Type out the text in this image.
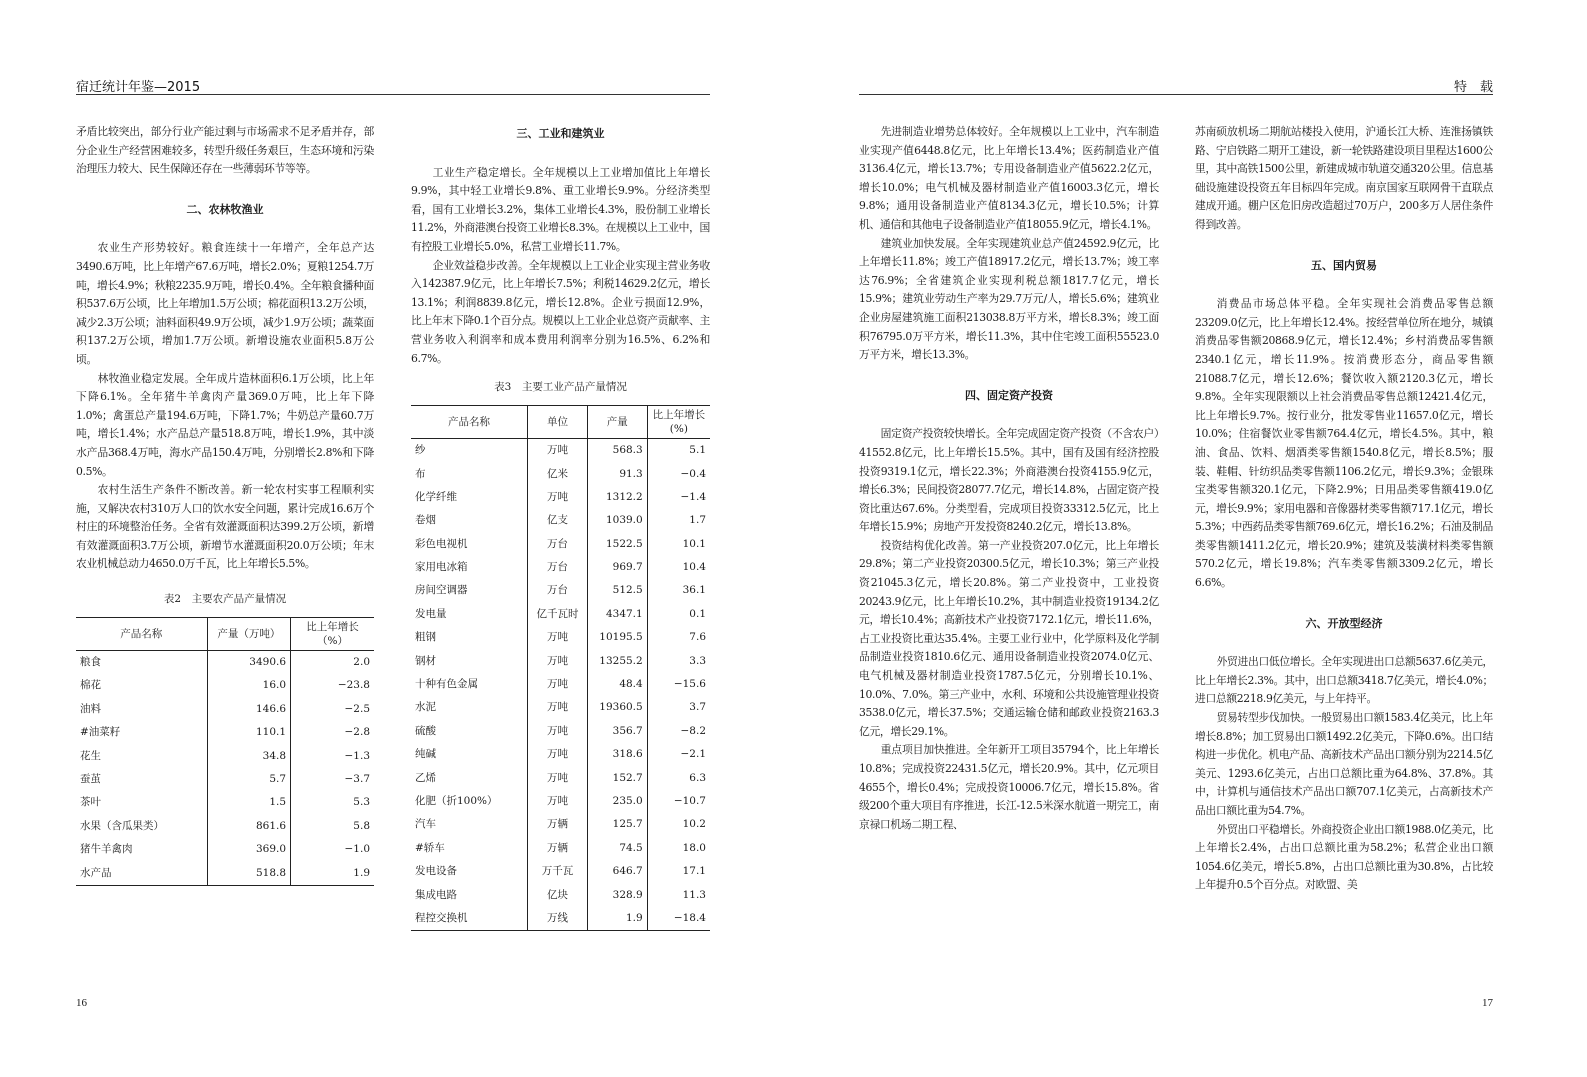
宿迁统计年鉴—2015

矛盾比较突出，部分行业产能过剩与市场需求不足矛盾并存，部分企业生产经营困难较多，转型升级任务艰巨，生态环境和污染治理压力较大、民生保障还存在一些薄弱环节等等。

二、农林牧渔业

农业生产形势较好。粮食连续十一年增产，全年总产达3490.6万吨，比上年增产67.6万吨，增长2.0%；夏粮1254.7万吨，增长4.9%；秋粮2235.9万吨，增长0.4%。全年粮食播种面积537.6万公顷，比上年增加1.5万公顷；棉花面积13.2万公顷，减少2.3万公顷；油料面积49.9万公顷，减少1.9万公顷；蔬菜面积137.2万公顷，增加1.7万公顷。新增设施农业面积5.8万公顷。

林牧渔业稳定发展。全年成片造林面积6.1万公顷，比上年下降6.1%。全年猪牛羊禽肉产量369.0万吨，比上年下降1.0%；禽蛋总产量194.6万吨，下降1.7%；牛奶总产量60.7万吨，增长1.4%；水产品总产量518.8万吨，增长1.9%，其中淡水产品368.4万吨，海水产品150.4万吨，分别增长2.8%和下降0.5%。

农村生活生产条件不断改善。新一轮农村实事工程顺利实施，又解决农村310万人口的饮水安全问题，累计完成16.6万个村庄的环境整治任务。全省有效灌溉面积达399.2万公顷，新增有效灌溉面积3.7万公顷，新增节水灌溉面积20.0万公顷；年末农业机械总动力4650.0万千瓦，比上年增长5.5%。

表2　主要农产品产量情况
产品名称	产量（万吨）	比上年增长（%）
粮食	3490.6	2.0
棉花	16.0	−23.8
油料	146.6	−2.5
#油菜籽	110.1	−2.8
花生	34.8	−1.3
蚕茧	5.7	−3.7
茶叶	1.5	5.3
水果（含瓜果类）	861.6	5.8
猪牛羊禽肉	369.0	−1.0
水产品	518.8	1.9
三、工业和建筑业

工业生产稳定增长。全年规模以上工业增加值比上年增长9.9%，其中轻工业增长9.8%、重工业增长9.9%。分经济类型看，国有工业增长3.2%，集体工业增长4.3%，股份制工业增长11.2%，外商港澳台投资工业增长8.3%。在规模以上工业中，国有控股工业增长5.0%，私营工业增长11.7%。

企业效益稳步改善。全年规模以上工业企业实现主营业务收入142387.9亿元，比上年增长7.5%；利税14629.2亿元，增长13.1%；利润8839.8亿元，增长12.8%。企业亏损面12.9%，比上年末下降0.1个百分点。规模以上工业企业总资产贡献率、主营业务收入利润率和成本费用利润率分别为16.5%、6.2%和6.7%。

表3　主要工业产品产量情况
产品名称	单位	产量	比上年增长(%)
纱	万吨	568.3	5.1
布	亿米	91.3	−0.4
化学纤维	万吨	1312.2	−1.4
卷烟	亿支	1039.0	1.7
彩色电视机	万台	1522.5	10.1
家用电冰箱	万台	969.7	10.4
房间空调器	万台	512.5	36.1
发电量	亿千瓦时	4347.1	0.1
粗钢	万吨	10195.5	7.6
钢材	万吨	13255.2	3.3
十种有色金属	万吨	48.4	−15.6
水泥	万吨	19360.5	3.7
硫酸	万吨	356.7	−8.2
纯碱	万吨	318.6	−2.1
乙烯	万吨	152.7	6.3
化肥（折100%）	万吨	235.0	−10.7
汽车	万辆	125.7	10.2
#轿车	万辆	74.5	18.0
发电设备	万千瓦	646.7	17.1
集成电路	亿块	328.9	11.3
程控交换机	万线	1.9	−18.4
16
特　载

先进制造业增势总体较好。全年规模以上工业中，汽车制造业实现产值6448.8亿元，比上年增长13.4%；医药制造业产值3136.4亿元，增长13.7%；专用设备制造业产值5622.2亿元，增长10.0%；电气机械及器材制造业产值16003.3亿元，增长9.8%；通用设备制造业产值8134.3亿元，增长10.5%；计算机、通信和其他电子设备制造业产值18055.9亿元，增长4.1%。

建筑业加快发展。全年实现建筑业总产值24592.9亿元，比上年增长11.8%；竣工产值18917.2亿元，增长13.7%；竣工率达76.9%；全省建筑企业实现利税总额1817.7亿元，增长15.9%；建筑业劳动生产率为29.7万元/人，增长5.6%；建筑业企业房屋建筑施工面积213038.8万平方米，增长8.3%；竣工面积76795.0万平方米，增长11.3%，其中住宅竣工面积55523.0万平方米，增长13.3%。

四、固定资产投资

固定资产投资较快增长。全年完成固定资产投资（不含农户）41552.8亿元，比上年增长15.5%。其中，国有及国有经济控股投资9319.1亿元，增长22.3%；外商港澳台投资4155.9亿元，增长6.3%；民间投资28077.7亿元，增长14.8%，占固定资产投资比重达67.6%。分类型看，完成项目投资33312.5亿元，比上年增长15.9%；房地产开发投资8240.2亿元，增长13.8%。

投资结构优化改善。第一产业投资207.0亿元，比上年增长29.8%；第二产业投资20300.5亿元，增长10.3%；第三产业投资21045.3亿元，增长20.8%。第二产业投资中，工业投资20243.9亿元，比上年增长10.2%，其中制造业投资19134.2亿元，增长10.4%；高新技术产业投资7172.1亿元，增长11.6%，占工业投资比重达35.4%。主要工业行业中，化学原料及化学制品制造业投资1810.6亿元、通用设备制造业投资2074.0亿元、电气机械及器材制造业投资1787.5亿元，分别增长10.1%、10.0%、7.0%。第三产业中，水利、环境和公共设施管理业投资3538.0亿元，增长37.5%；交通运输仓储和邮政业投资2163.3亿元，增长29.1%。

重点项目加快推进。全年新开工项目35794个，比上年增长10.8%；完成投资22431.5亿元，增长20.9%。其中，亿元项目4655个，增长0.4%；完成投资10006.7亿元，增长15.8%。省级200个重大项目有序推进，长江-12.5米深水航道一期完工，南京禄口机场二期工程、

苏南硕放机场二期航站楼投入使用，沪通长江大桥、连淮扬镇铁路、宁启铁路二期开工建设，新一轮铁路建设项目里程达1600公里，其中高铁1500公里，新建成城市轨道交通320公里。信息基础设施建设投资五年目标四年完成。南京国家互联网骨干直联点建成开通。棚户区危旧房改造超过70万户，200多万人居住条件得到改善。

五、国内贸易

消费品市场总体平稳。全年实现社会消费品零售总额23209.0亿元，比上年增长12.4%。按经营单位所在地分，城镇消费品零售额20868.9亿元，增长12.4%；乡村消费品零售额2340.1亿元，增长11.9%。按消费形态分，商品零售额21088.7亿元，增长12.6%；餐饮收入额2120.3亿元，增长9.8%。全年实现限额以上社会消费品零售总额12421.4亿元，比上年增长9.7%。按行业分，批发零售业11657.0亿元，增长10.0%；住宿餐饮业零售额764.4亿元，增长4.5%。其中，粮油、食品、饮料、烟酒类零售额1540.8亿元，增长8.5%；服装、鞋帽、针纺织品类零售额1106.2亿元，增长9.3%；金银珠宝类零售额320.1亿元，下降2.9%；日用品类零售额419.0亿元，增长9.9%；家用电器和音像器材类零售额717.1亿元，增长5.3%；中西药品类零售额769.6亿元，增长16.2%；石油及制品类零售额1411.2亿元，增长20.9%；建筑及装潢材料类零售额570.2亿元，增长19.8%；汽车类零售额3309.2亿元，增长6.6%。

六、开放型经济

外贸进出口低位增长。全年实现进出口总额5637.6亿美元，比上年增长2.3%。其中，出口总额3418.7亿美元，增长4.0%；进口总额2218.9亿美元，与上年持平。

贸易转型步伐加快。一般贸易出口额1583.4亿美元，比上年增长8.8%；加工贸易出口额1492.2亿美元，下降0.6%。出口结构进一步优化。机电产品、高新技术产品出口额分别为2214.5亿美元、1293.6亿美元，占出口总额比重为64.8%、37.8%。其中，计算机与通信技术产品出口额707.1亿美元，占高新技术产品出口额比重为54.7%。

外贸出口平稳增长。外商投资企业出口额1988.0亿美元，比上年增长2.4%，占出口总额比重为58.2%；私营企业出口额1054.6亿美元，增长5.8%，占出口总额比重为30.8%，占比较上年提升0.5个百分点。对欧盟、美

17
